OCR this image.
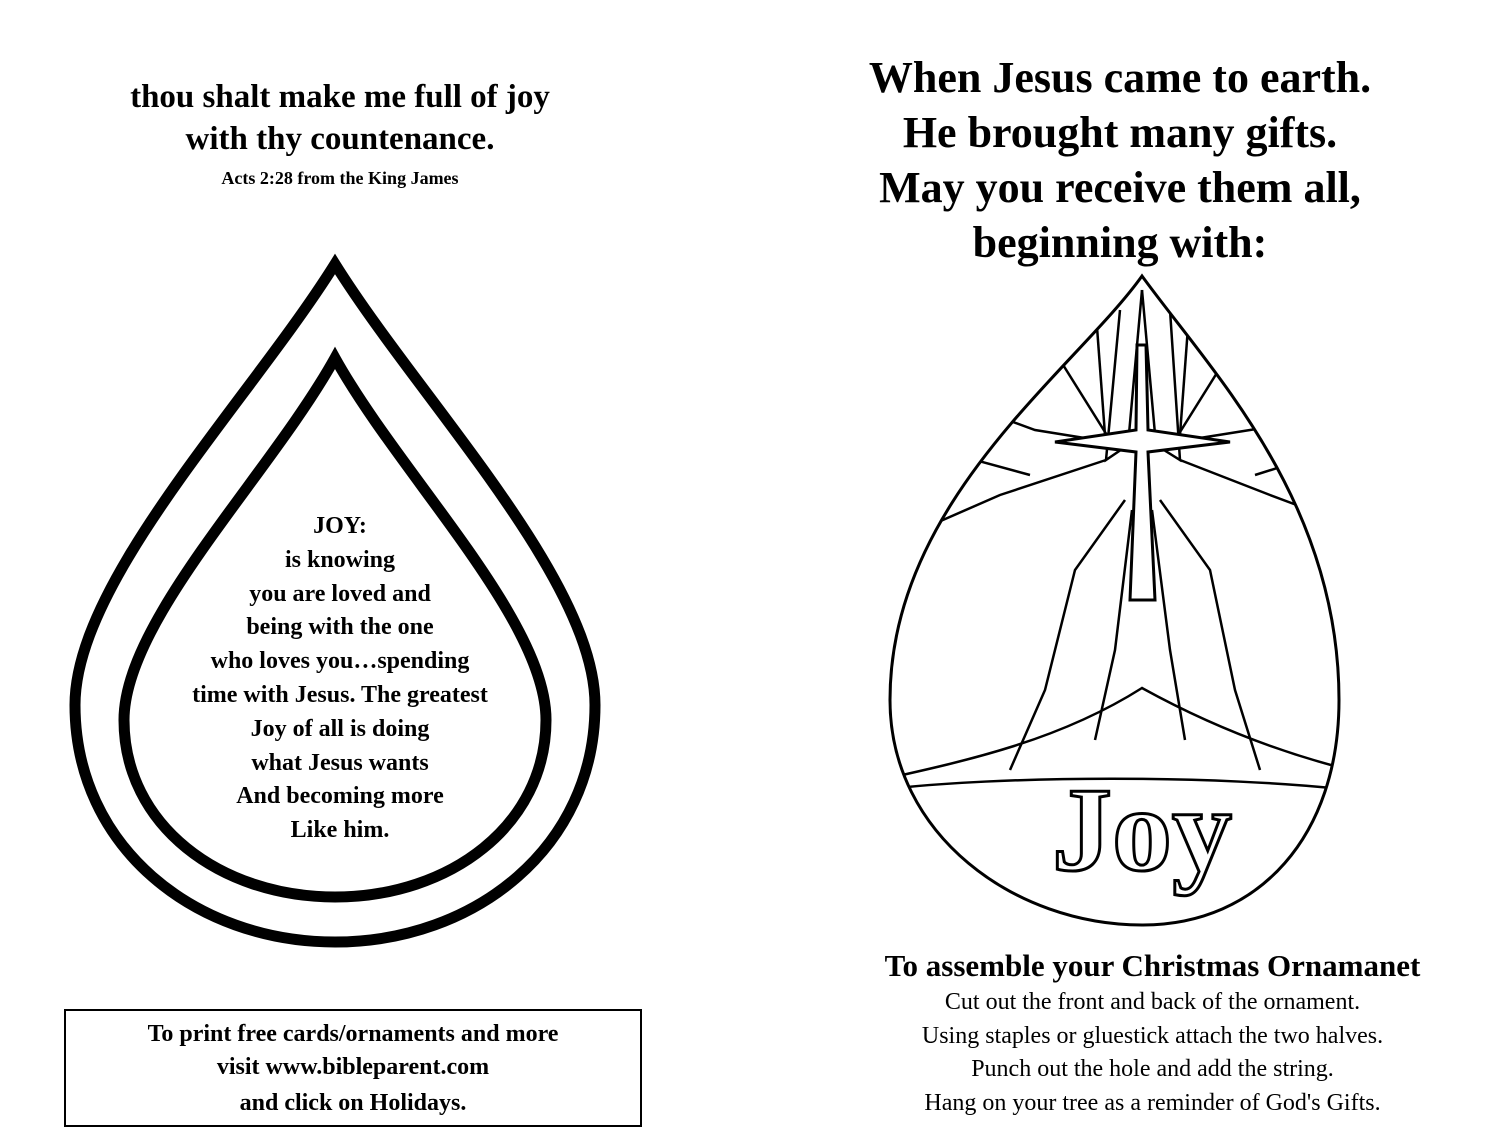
thou shalt make me full of joy
with thy countenance.
Acts 2:28 from the King James
JOY:
is knowing
you are loved and
being with the one
who loves you…spending
time with Jesus. The greatest
Joy of all is doing
what Jesus wants
And becoming more
Like him.
To print free cards/ornaments and more
visit www.bibleparent.com
and click on Holidays.
When Jesus came to earth.
He brought many gifts.
May you receive them all,
beginning with:
Joy
To assemble your Christmas Ornamanet
Cut out the front and back of the ornament.
Using staples or gluestick attach the two halves.
Punch out the hole and add the string.
Hang on your tree as a reminder of God's Gifts.
